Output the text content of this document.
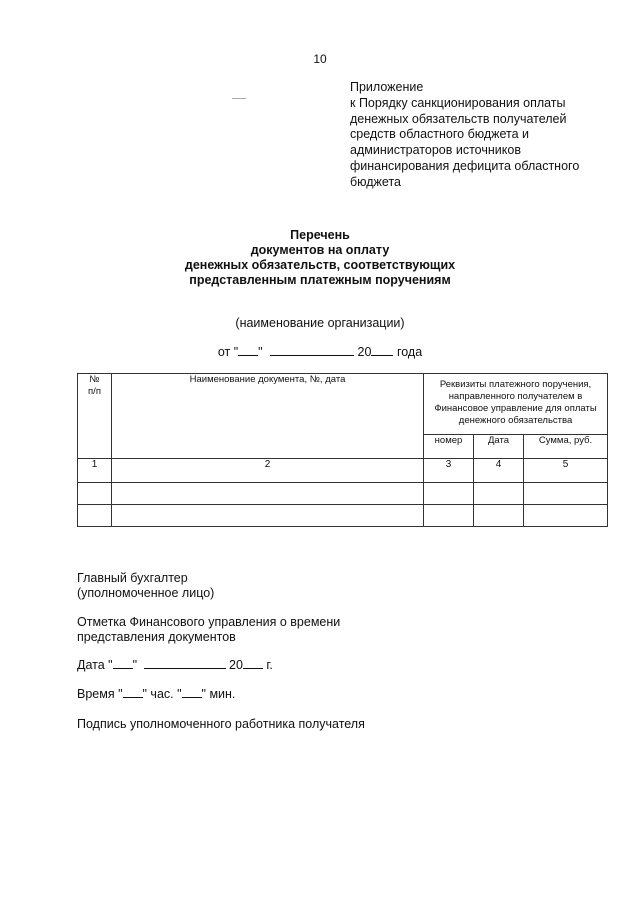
10
Приложение
к Порядку санкционирования оплаты
денежных обязательств получателей
средств областного бюджета и
администраторов источников
финансирования дефицита областного
бюджета
Перечень
документов на оплату
денежных обязательств, соответствующих
представленным платежным поручениям
(наименование организации)
от " "	20 года
№
п/п	Наименование документа, №, дата	Реквизиты платежного поручения, направленного получателем в Финансовое управление для оплаты денежного обязательства		
		номер	Дата	Сумма, руб.
1	2	3	4	5

Главный бухгалтер
(уполномоченное лицо)
Отметка Финансового управления о времени
представления документов
Дата " "	20 г.
Время " " час. " " мин.
Подпись уполномоченного работника получателя
